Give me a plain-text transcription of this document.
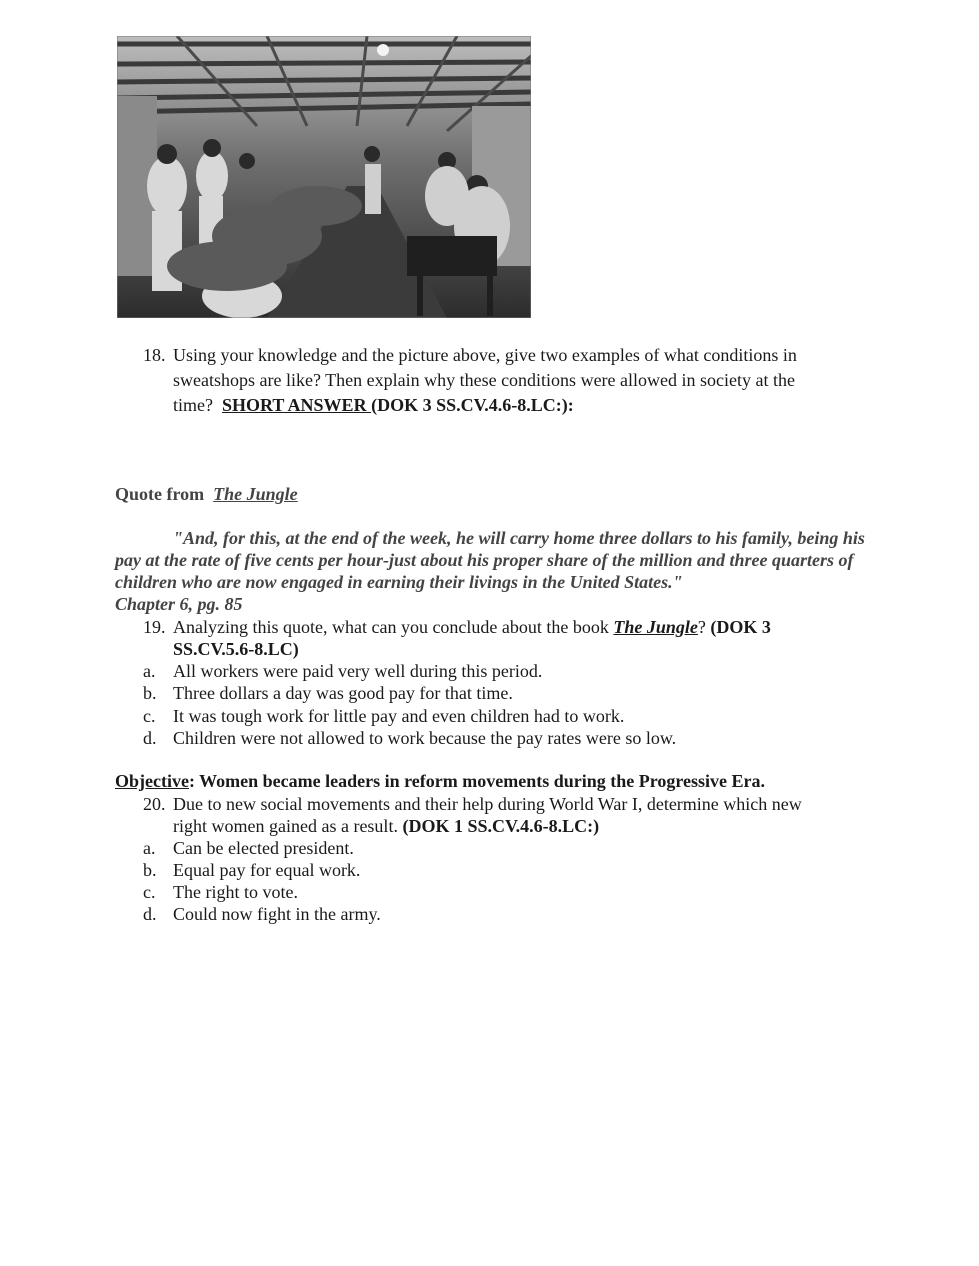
18. Using your knowledge and the picture above, give two examples of what conditions in
sweatshops are like? Then explain why these conditions were allowed in society at the
time? SHORT ANSWER (DOK 3 SS.CV.4.6-8.LC:):
Quote from The Jungle
"And, for this, at the end of the week, he will carry home three dollars to his family, being his pay at the rate of five cents per hour-just about his proper share of the million and three quarters of children who are now engaged in earning their livings in the United States."
Chapter 6, pg. 85
19. Analyzing this quote, what can you conclude about the book The Jungle? (DOK 3
SS.CV.5.6-8.LC)
a. All workers were paid very well during this period.
b. Three dollars a day was good pay for that time.
c. It was tough work for little pay and even children had to work.
d. Children were not allowed to work because the pay rates were so low.
Objective: Women became leaders in reform movements during the Progressive Era.
20. Due to new social movements and their help during World War I, determine which new
right women gained as a result. (DOK 1 SS.CV.4.6-8.LC:)
a. Can be elected president.
b. Equal pay for equal work.
c. The right to vote.
d. Could now fight in the army.
